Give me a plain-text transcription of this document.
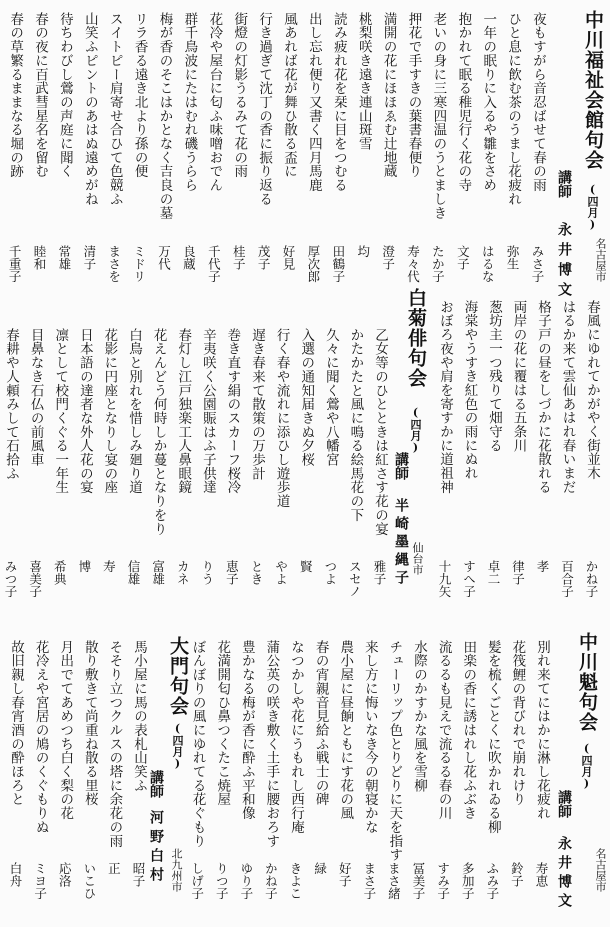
中川福祉会館句会
(四月)
講師
永井博文 名古屋市
夜もすがら音忍ばせて春の雨
みさ子
ひと息に飲む茶のうまし花疲れ
弥生
一年の眠りに入るや雛をさめ
はるな
抱かれて眠る稚児行く花の寺
文子
老いの身に三寒四温のうとましき
たか子
押花で手すきの葉書春便り
寿々代
満開の花にほほゑむ辻地蔵
澄子
桃梨咲き遠き連山斑雪
均
読み疲れ花を栞に目をつむる
田鶴子
出し忘れ便り又書く四月馬鹿
厚次郎
風あれば花が舞ひ散る盃に
好見
行き過ぎて沈丁の香に振り返る
茂子
街燈の灯影うるみて花の雨
桂子
花冷や屋台に匂ふ味噌おでん
千代子
群千鳥波にたはむれ磯うらら
良蔵
梅が香のそこはかとなく吉良の墓
万代
リラ香る遠き北より孫の便
ミドリ
スイトピー肩寄せ合ひて色競ふ
まさを
山笑ふピントのあはぬ遠めがね
清子
待ちわびし鶯の声庭に聞く
常雄
春の夜に百武彗星名を留む
睦和
春の草繁るままなる堀の跡
千重子
春風にゆれてかがやく街並木
かね子
はるか来て雲仙あはれ春いまだ
百合子
格子戸の昼をしづかに花散れる
孝
両岸の花に覆はる五条川
律子
葱坊主一つ残りて畑守る
卓二
海棠やうすき紅色の雨にぬれ
すへ子
おぼろ夜や肩を寄すかに道祖神
十九矢
白菊俳句会
(四月)
講師
半崎墨縄子 仙台市
乙女等のひとときは紅さす花の宴
雅子
かたかたと風に鳴る絵馬花の下
スセノ
久々に聞く鶯や八幡宮
つよ
入選の通知届きぬ夕桜
賢
行く春や流れに添ひし遊歩道
やよ
遅き春来て散策の万歩計
とき
巻き直す絹のスカーフ桜冷
恵子
辛夷咲く公園賑はふ子供達
りう
春灯し江戸独楽工人鼻眼鏡
カネ
花えんどう何時しか蔓となりをり
富雄
白鳥と別れを惜しみ廻り道
信雄
花影に円座となりし宴の座
寿
日本語の達者な外人花の宴
博
凛として校門くぐる一年生
希典
目鼻なき石仏の前風車
喜美子
春耕や人頼みして石拾ふ
みつ子
中川魁句会
(四月)
講師
永井博文 名古屋市
別れ来てにはかに淋し花疲れ
寿恵
花筏鯉の背びれで崩れけり
鈴子
髪を梳くごとくに吹かれゐる柳
ふみ子
田楽の香に誘はれし花ふぶき
多加子
流るるも見えで流るる春の川
すみ子
水際のかすかな風を雪柳
冨美子
チューリップ色とりどりに天を指す
まさ緒
来し方に悔いなき今の朝寝かな
まさ子
農小屋に昼餉ともにす花の風
好子
春の宵親音見給ふ戦士の碑
緑
なつかしや花にうもれし西行庵
きよこ
蒲公英の咲き敷く土手に腰おろす
かね子
豊かなる梅が香に酔ふ平和像
ゆり子
花満開匂ひ鼻つくたこ焼屋
りつ子
ぼんぼりの風にゆれてる花ぐもり
しげ子
大門句会
(四月)
講師
河野白村 北九州市
馬小屋に馬の表札山笑ふ
昭子
そそり立つクルスの塔に余花の雨
正
散り敷きて尚重ね散る里桜
いこひ
月出でてあめつち白く梨の花
応洛
花冷えや宮居の鳩のくぐもりぬ
ミヨ子
故旧親し春宵酒の酔ほろと
白舟
